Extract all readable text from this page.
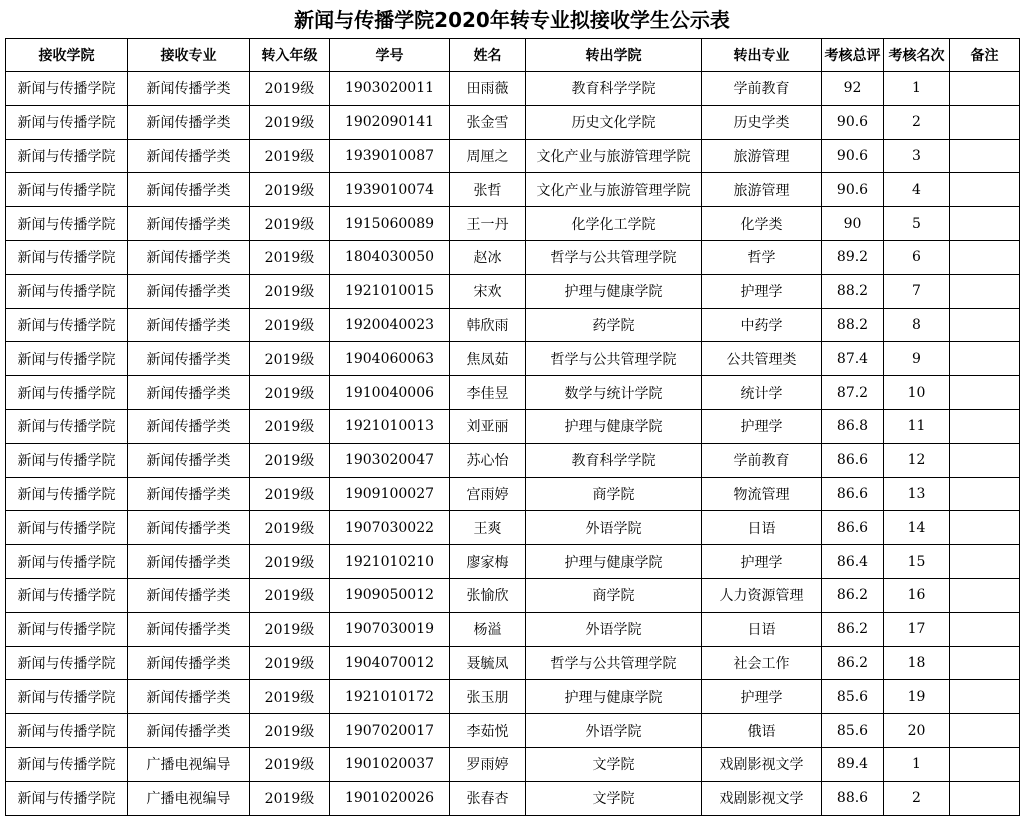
新闻与传播学院2020年转专业拟接收学生公示表
接收学院	接收专业	转入年级	学号	姓名	转出学院	转出专业	考核总评	考核名次	备注
新闻与传播学院	新闻传播学类	2019级	1903020011	田雨薇	教育科学学院	学前教育	92	1	
新闻与传播学院	新闻传播学类	2019级	1902090141	张金雪	历史文化学院	历史学类	90.6	2	
新闻与传播学院	新闻传播学类	2019级	1939010087	周厘之	文化产业与旅游管理学院	旅游管理	90.6	3	
新闻与传播学院	新闻传播学类	2019级	1939010074	张哲	文化产业与旅游管理学院	旅游管理	90.6	4	
新闻与传播学院	新闻传播学类	2019级	1915060089	王一丹	化学化工学院	化学类	90	5	
新闻与传播学院	新闻传播学类	2019级	1804030050	赵冰	哲学与公共管理学院	哲学	89.2	6	
新闻与传播学院	新闻传播学类	2019级	1921010015	宋欢	护理与健康学院	护理学	88.2	7	
新闻与传播学院	新闻传播学类	2019级	1920040023	韩欣雨	药学院	中药学	88.2	8	
新闻与传播学院	新闻传播学类	2019级	1904060063	焦凤茹	哲学与公共管理学院	公共管理类	87.4	9	
新闻与传播学院	新闻传播学类	2019级	1910040006	李佳昱	数学与统计学院	统计学	87.2	10	
新闻与传播学院	新闻传播学类	2019级	1921010013	刘亚丽	护理与健康学院	护理学	86.8	11	
新闻与传播学院	新闻传播学类	2019级	1903020047	苏心怡	教育科学学院	学前教育	86.6	12	
新闻与传播学院	新闻传播学类	2019级	1909100027	宫雨婷	商学院	物流管理	86.6	13	
新闻与传播学院	新闻传播学类	2019级	1907030022	王爽	外语学院	日语	86.6	14	
新闻与传播学院	新闻传播学类	2019级	1921010210	廖家梅	护理与健康学院	护理学	86.4	15	
新闻与传播学院	新闻传播学类	2019级	1909050012	张愉欣	商学院	人力资源管理	86.2	16	
新闻与传播学院	新闻传播学类	2019级	1907030019	杨溢	外语学院	日语	86.2	17	
新闻与传播学院	新闻传播学类	2019级	1904070012	聂毓凤	哲学与公共管理学院	社会工作	86.2	18	
新闻与传播学院	新闻传播学类	2019级	1921010172	张玉朋	护理与健康学院	护理学	85.6	19	
新闻与传播学院	新闻传播学类	2019级	1907020017	李茹悦	外语学院	俄语	85.6	20	
新闻与传播学院	广播电视编导	2019级	1901020037	罗雨婷	文学院	戏剧影视文学	89.4	1	
新闻与传播学院	广播电视编导	2019级	1901020026	张春杏	文学院	戏剧影视文学	88.6	2	
